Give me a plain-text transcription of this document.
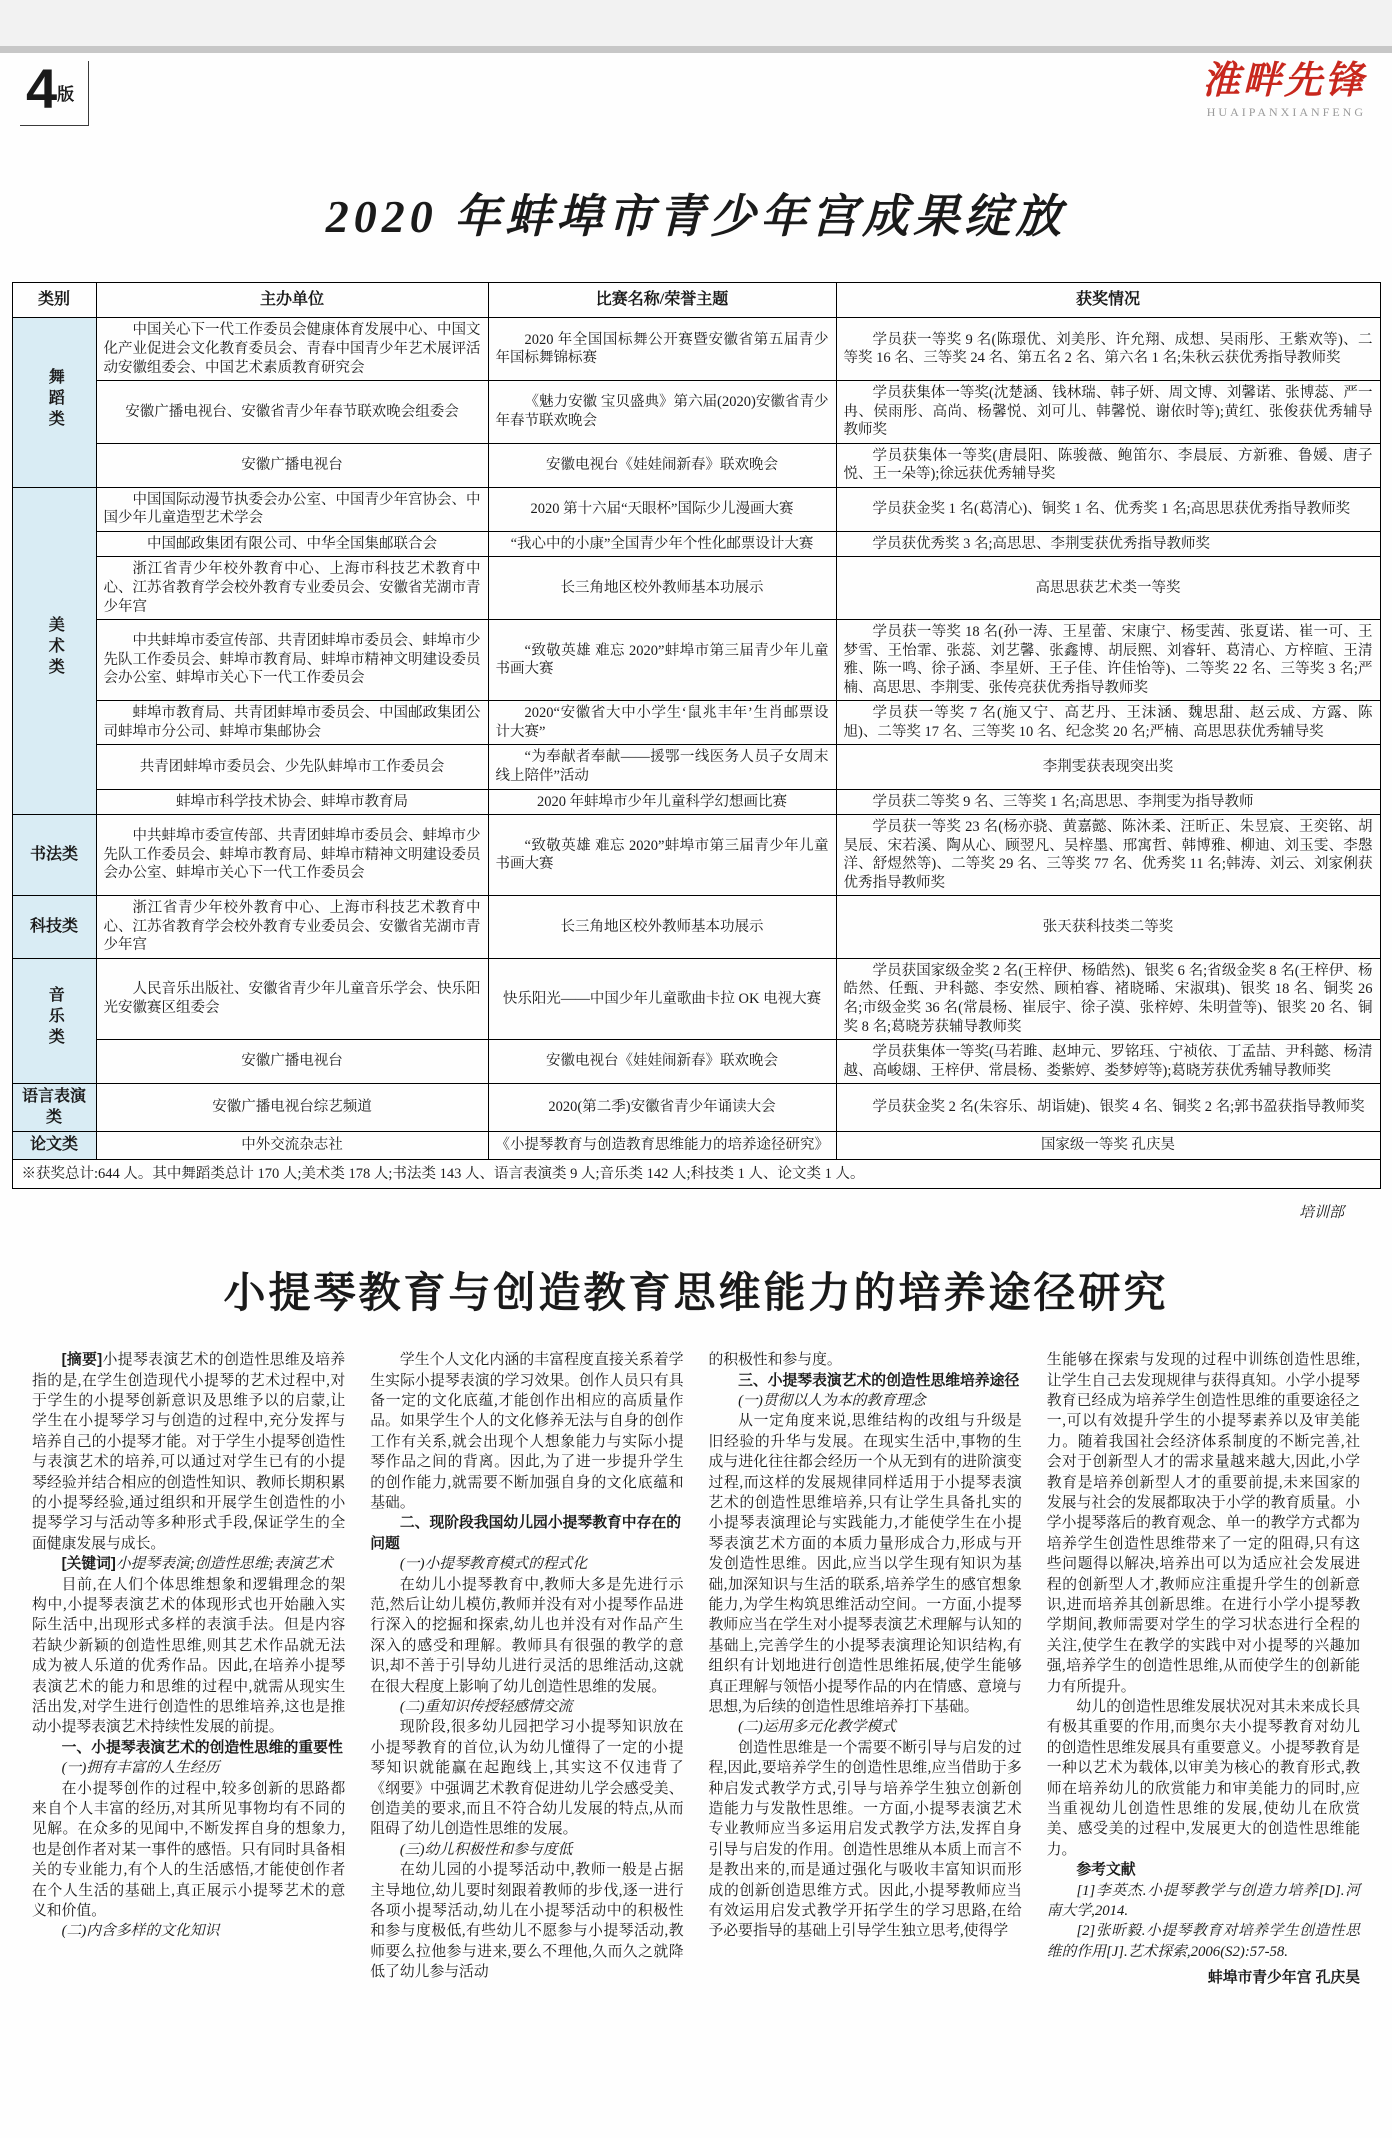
4版	淮畔先锋
HUAIPANXIANFENG
2020 年蚌埠市青少年宫成果绽放
类别	主办单位	比赛名称/荣誉主题	获奖情况
舞蹈类	中国关心下一代工作委员会健康体育发展中心、中国文化产业促进会文化教育委员会、青春中国青少年艺术展评活动安徽组委会、中国艺术素质教育研究会	2020 年全国国标舞公开赛暨安徽省第五届青少年国标舞锦标赛	学员获一等奖 9 名(陈璟优、刘美彤、许允翔、成想、吴雨彤、王紫欢等)、二等奖 16 名、三等奖 24 名、第五名 2 名、第六名 1 名;朱秋云获优秀指导教师奖
	安徽广播电视台、安徽省青少年春节联欢晚会组委会	《魅力安徽 宝贝盛典》第六届(2020)安徽省青少年春节联欢晚会	学员获集体一等奖(沈楚涵、钱林瑞、韩子妍、周文博、刘馨诺、张博蕊、严一冉、侯雨彤、高尚、杨馨悦、刘可儿、韩馨悦、谢依时等);黄红、张俊获优秀辅导教师奖
	安徽广播电视台	安徽电视台《娃娃闹新春》联欢晚会	学员获集体一等奖(唐晨阳、陈骏薇、鲍笛尔、李晨辰、方新雅、鲁媛、唐子悦、王一朵等);徐远获优秀辅导奖
美术类	中国国际动漫节执委会办公室、中国青少年宫协会、中国少年儿童造型艺术学会	2020 第十六届“天眼杯”国际少儿漫画大赛	学员获金奖 1 名(葛清心)、铜奖 1 名、优秀奖 1 名;高思思获优秀指导教师奖
	中国邮政集团有限公司、中华全国集邮联合会	“我心中的小康”全国青少年个性化邮票设计大赛	学员获优秀奖 3 名;高思思、李荆雯获优秀指导教师奖
	浙江省青少年校外教育中心、上海市科技艺术教育中心、江苏省教育学会校外教育专业委员会、安徽省芜湖市青少年宫	长三角地区校外教师基本功展示	高思思获艺术类一等奖
	中共蚌埠市委宣传部、共青团蚌埠市委员会、蚌埠市少先队工作委员会、蚌埠市教育局、蚌埠市精神文明建设委员会办公室、蚌埠市关心下一代工作委员会	“致敬英雄 难忘 2020”蚌埠市第三届青少年儿童书画大赛	学员获一等奖 18 名(孙一涛、王星蕾、宋康宁、杨雯茜、张夏诺、崔一可、王梦雪、王怡霏、张蕊、刘艺馨、张鑫博、胡辰熙、刘睿轩、葛清心、方梓暄、王清雅、陈一鸣、徐子涵、李星妍、王子佳、许佳怡等)、二等奖 22 名、三等奖 3 名;严楠、高思思、李荆雯、张传亮获优秀指导教师奖
	蚌埠市教育局、共青团蚌埠市委员会、中国邮政集团公司蚌埠市分公司、蚌埠市集邮协会	2020“安徽省大中小学生‘鼠兆丰年’生肖邮票设计大赛”	学员获一等奖 7 名(施又宁、高艺丹、王沫涵、魏思甜、赵云成、方露、陈旭)、二等奖 17 名、三等奖 10 名、纪念奖 20 名;严楠、高思思获优秀辅导奖
	共青团蚌埠市委员会、少先队蚌埠市工作委员会	“为奉献者奉献——援鄂一线医务人员子女周末线上陪伴”活动	李荆雯获表现突出奖
	蚌埠市科学技术协会、蚌埠市教育局	2020 年蚌埠市少年儿童科学幻想画比赛	学员获二等奖 9 名、三等奖 1 名;高思思、李荆雯为指导教师
书法类	中共蚌埠市委宣传部、共青团蚌埠市委员会、蚌埠市少先队工作委员会、蚌埠市教育局、蚌埠市精神文明建设委员会办公室、蚌埠市关心下一代工作委员会	“致敬英雄 难忘 2020”蚌埠市第三届青少年儿童书画大赛	学员获一等奖 23 名(杨亦骁、黄嘉懿、陈沐柔、汪昕正、朱昱宸、王奕铭、胡昊辰、宋若溪、陶从心、顾翌凡、吴梓墨、邢寓哲、韩博雅、柳迪、刘玉雯、李慇洋、舒煜然等)、二等奖 29 名、三等奖 77 名、优秀奖 11 名;韩涛、刘云、刘家俐获优秀指导教师奖
科技类	浙江省青少年校外教育中心、上海市科技艺术教育中心、江苏省教育学会校外教育专业委员会、安徽省芜湖市青少年宫	长三角地区校外教师基本功展示	张天获科技类二等奖
音乐类	人民音乐出版社、安徽省青少年儿童音乐学会、快乐阳光安徽赛区组委会	快乐阳光——中国少年儿童歌曲卡拉 OK 电视大赛	学员获国家级金奖 2 名(王梓伊、杨皓然)、银奖 6 名;省级金奖 8 名(王梓伊、杨皓然、任甄、尹科懿、李安然、顾柏睿、褚晓晞、宋淑琪)、银奖 18 名、铜奖 26 名;市级金奖 36 名(常晨杨、崔辰宇、徐子漠、张梓婷、朱明萱等)、银奖 20 名、铜奖 8 名;葛晓芳获辅导教师奖
	安徽广播电视台	安徽电视台《娃娃闹新春》联欢晚会	学员获集体一等奖(马若雎、赵坤元、罗铭珏、宁祯依、丁孟喆、尹科懿、杨清越、高峻翃、王梓伊、常晨杨、娄紫婷、娄梦婷等);葛晓芳获优秀辅导教师奖
语言表演类	安徽广播电视台综艺频道	2020(第二季)安徽省青少年诵读大会	学员获金奖 2 名(朱容乐、胡诣婕)、银奖 4 名、铜奖 2 名;郭书盈获指导教师奖
论文类	中外交流杂志社	《小提琴教育与创造教育思维能力的培养途径研究》	国家级一等奖 孔庆昊
※获奖总计:644 人。其中舞蹈类总计 170 人;美术类 178 人;书法类 143 人、语言表演类 9 人;音乐类 142 人;科技类 1 人、论文类 1 人。			
培训部
小提琴教育与创造教育思维能力的培养途径研究

[摘要]小提琴表演艺术的创造性思维及培养指的是,在学生创造现代小提琴的艺术过程中,对于学生的小提琴创新意识及思维予以的启蒙,让学生在小提琴学习与创造的过程中,充分发挥与培养自己的小提琴才能。对于学生小提琴创造性与表演艺术的培养,可以通过对学生已有的小提琴经验并结合相应的创造性知识、教师长期积累的小提琴经验,通过组织和开展学生创造性的小提琴学习与活动等多种形式手段,保证学生的全面健康发展与成长。

[关键词]小提琴表演;创造性思维;表演艺术

目前,在人们个体思维想象和逻辑理念的架构中,小提琴表演艺术的体现形式也开始融入实际生活中,出现形式多样的表演手法。但是内容若缺少新颖的创造性思维,则其艺术作品就无法成为被人乐道的优秀作品。因此,在培养小提琴表演艺术的能力和思维的过程中,就需从现实生活出发,对学生进行创造性的思维培养,这也是推动小提琴表演艺术持续性发展的前提。

一、小提琴表演艺术的创造性思维的重要性

(一)拥有丰富的人生经历

在小提琴创作的过程中,较多创新的思路都来自个人丰富的经历,对其所见事物均有不同的见解。在众多的见闻中,不断发挥自身的想象力,也是创作者对某一事件的感悟。只有同时具备相关的专业能力,有个人的生活感悟,才能使创作者在个人生活的基础上,真正展示小提琴艺术的意义和价值。

(二)内含多样的文化知识

学生个人文化内涵的丰富程度直接关系着学生实际小提琴表演的学习效果。创作人员只有具备一定的文化底蕴,才能创作出相应的高质量作品。如果学生个人的文化修养无法与自身的创作工作有关系,就会出现个人想象能力与实际小提琴作品之间的背离。因此,为了进一步提升学生的创作能力,就需要不断加强自身的文化底蕴和基础。

二、现阶段我国幼儿园小提琴教育中存在的问题

(一)小提琴教育模式的程式化

在幼儿小提琴教育中,教师大多是先进行示范,然后让幼儿模仿,教师并没有对小提琴作品进行深入的挖掘和探索,幼儿也并没有对作品产生深入的感受和理解。教师具有很强的教学的意识,却不善于引导幼儿进行灵活的思维活动,这就在很大程度上影响了幼儿创造性思维的发展。

(二)重知识传授轻感情交流

现阶段,很多幼儿园把学习小提琴知识放在小提琴教育的首位,认为幼儿懂得了一定的小提琴知识就能赢在起跑线上,其实这不仅违背了《纲要》中强调艺术教育促进幼儿学会感受美、创造美的要求,而且不符合幼儿发展的特点,从而阻碍了幼儿创造性思维的发展。

(三)幼儿积极性和参与度低

在幼儿园的小提琴活动中,教师一般是占据主导地位,幼儿要时刻跟着教师的步伐,逐一进行各项小提琴活动,幼儿在小提琴活动中的积极性和参与度极低,有些幼儿不愿参与小提琴活动,教师要么拉他参与进来,要么不理他,久而久之就降低了幼儿参与活动

的积极性和参与度。

三、小提琴表演艺术的创造性思维培养途径

(一)贯彻以人为本的教育理念

从一定角度来说,思维结构的改组与升级是旧经验的升华与发展。在现实生活中,事物的生成与进化往往都会经历一个从无到有的进阶演变过程,而这样的发展规律同样适用于小提琴表演艺术的创造性思维培养,只有让学生具备扎实的小提琴表演理论与实践能力,才能使学生在小提琴表演艺术方面的本质力量形成合力,形成与开发创造性思维。因此,应当以学生现有知识为基础,加深知识与生活的联系,培养学生的感官想象能力,为学生构筑思维活动空间。一方面,小提琴教师应当在学生对小提琴表演艺术理解与认知的基础上,完善学生的小提琴表演理论知识结构,有组织有计划地进行创造性思维拓展,使学生能够真正理解与领悟小提琴作品的内在情感、意境与思想,为后续的创造性思维培养打下基础。

(二)运用多元化教学模式

创造性思维是一个需要不断引导与启发的过程,因此,要培养学生的创造性思维,应当借助于多种启发式教学方式,引导与培养学生独立创新创造能力与发散性思维。一方面,小提琴表演艺术专业教师应当多运用启发式教学方法,发挥自身引导与启发的作用。创造性思维从本质上而言不是教出来的,而是通过强化与吸收丰富知识而形成的创新创造思维方式。因此,小提琴教师应当有效运用启发式教学开拓学生的学习思路,在给予必要指导的基础上引导学生独立思考,使得学

生能够在探索与发现的过程中训练创造性思维,让学生自己去发现规律与获得真知。小学小提琴教育已经成为培养学生创造性思维的重要途径之一,可以有效提升学生的小提琴素养以及审美能力。随着我国社会经济体系制度的不断完善,社会对于创新型人才的需求量越来越大,因此,小学教育是培养创新型人才的重要前提,未来国家的发展与社会的发展都取决于小学的教育质量。小学小提琴落后的教育观念、单一的教学方式都为培养学生创造性思维带来了一定的阻碍,只有这些问题得以解决,培养出可以为适应社会发展进程的创新型人才,教师应注重提升学生的创新意识,进而培养其创新思维。在进行小学小提琴教学期间,教师需要对学生的学习状态进行全程的关注,使学生在教学的实践中对小提琴的兴趣加强,培养学生的创造性思维,从而使学生的创新能力有所提升。

幼儿的创造性思维发展状况对其未来成长具有极其重要的作用,而奥尔夫小提琴教育对幼儿的创造性思维发展具有重要意义。小提琴教育是一种以艺术为载体,以审美为核心的教育形式,教师在培养幼儿的欣赏能力和审美能力的同时,应当重视幼儿创造性思维的发展,使幼儿在欣赏美、感受美的过程中,发展更大的创造性思维能力。

参考文献

[1]李英杰.小提琴教学与创造力培养[D].河南大学,2014.

[2]张昕毅.小提琴教育对培养学生创造性思维的作用[J].艺术探索,2006(S2):57-58.

蚌埠市青少年宫 孔庆昊
